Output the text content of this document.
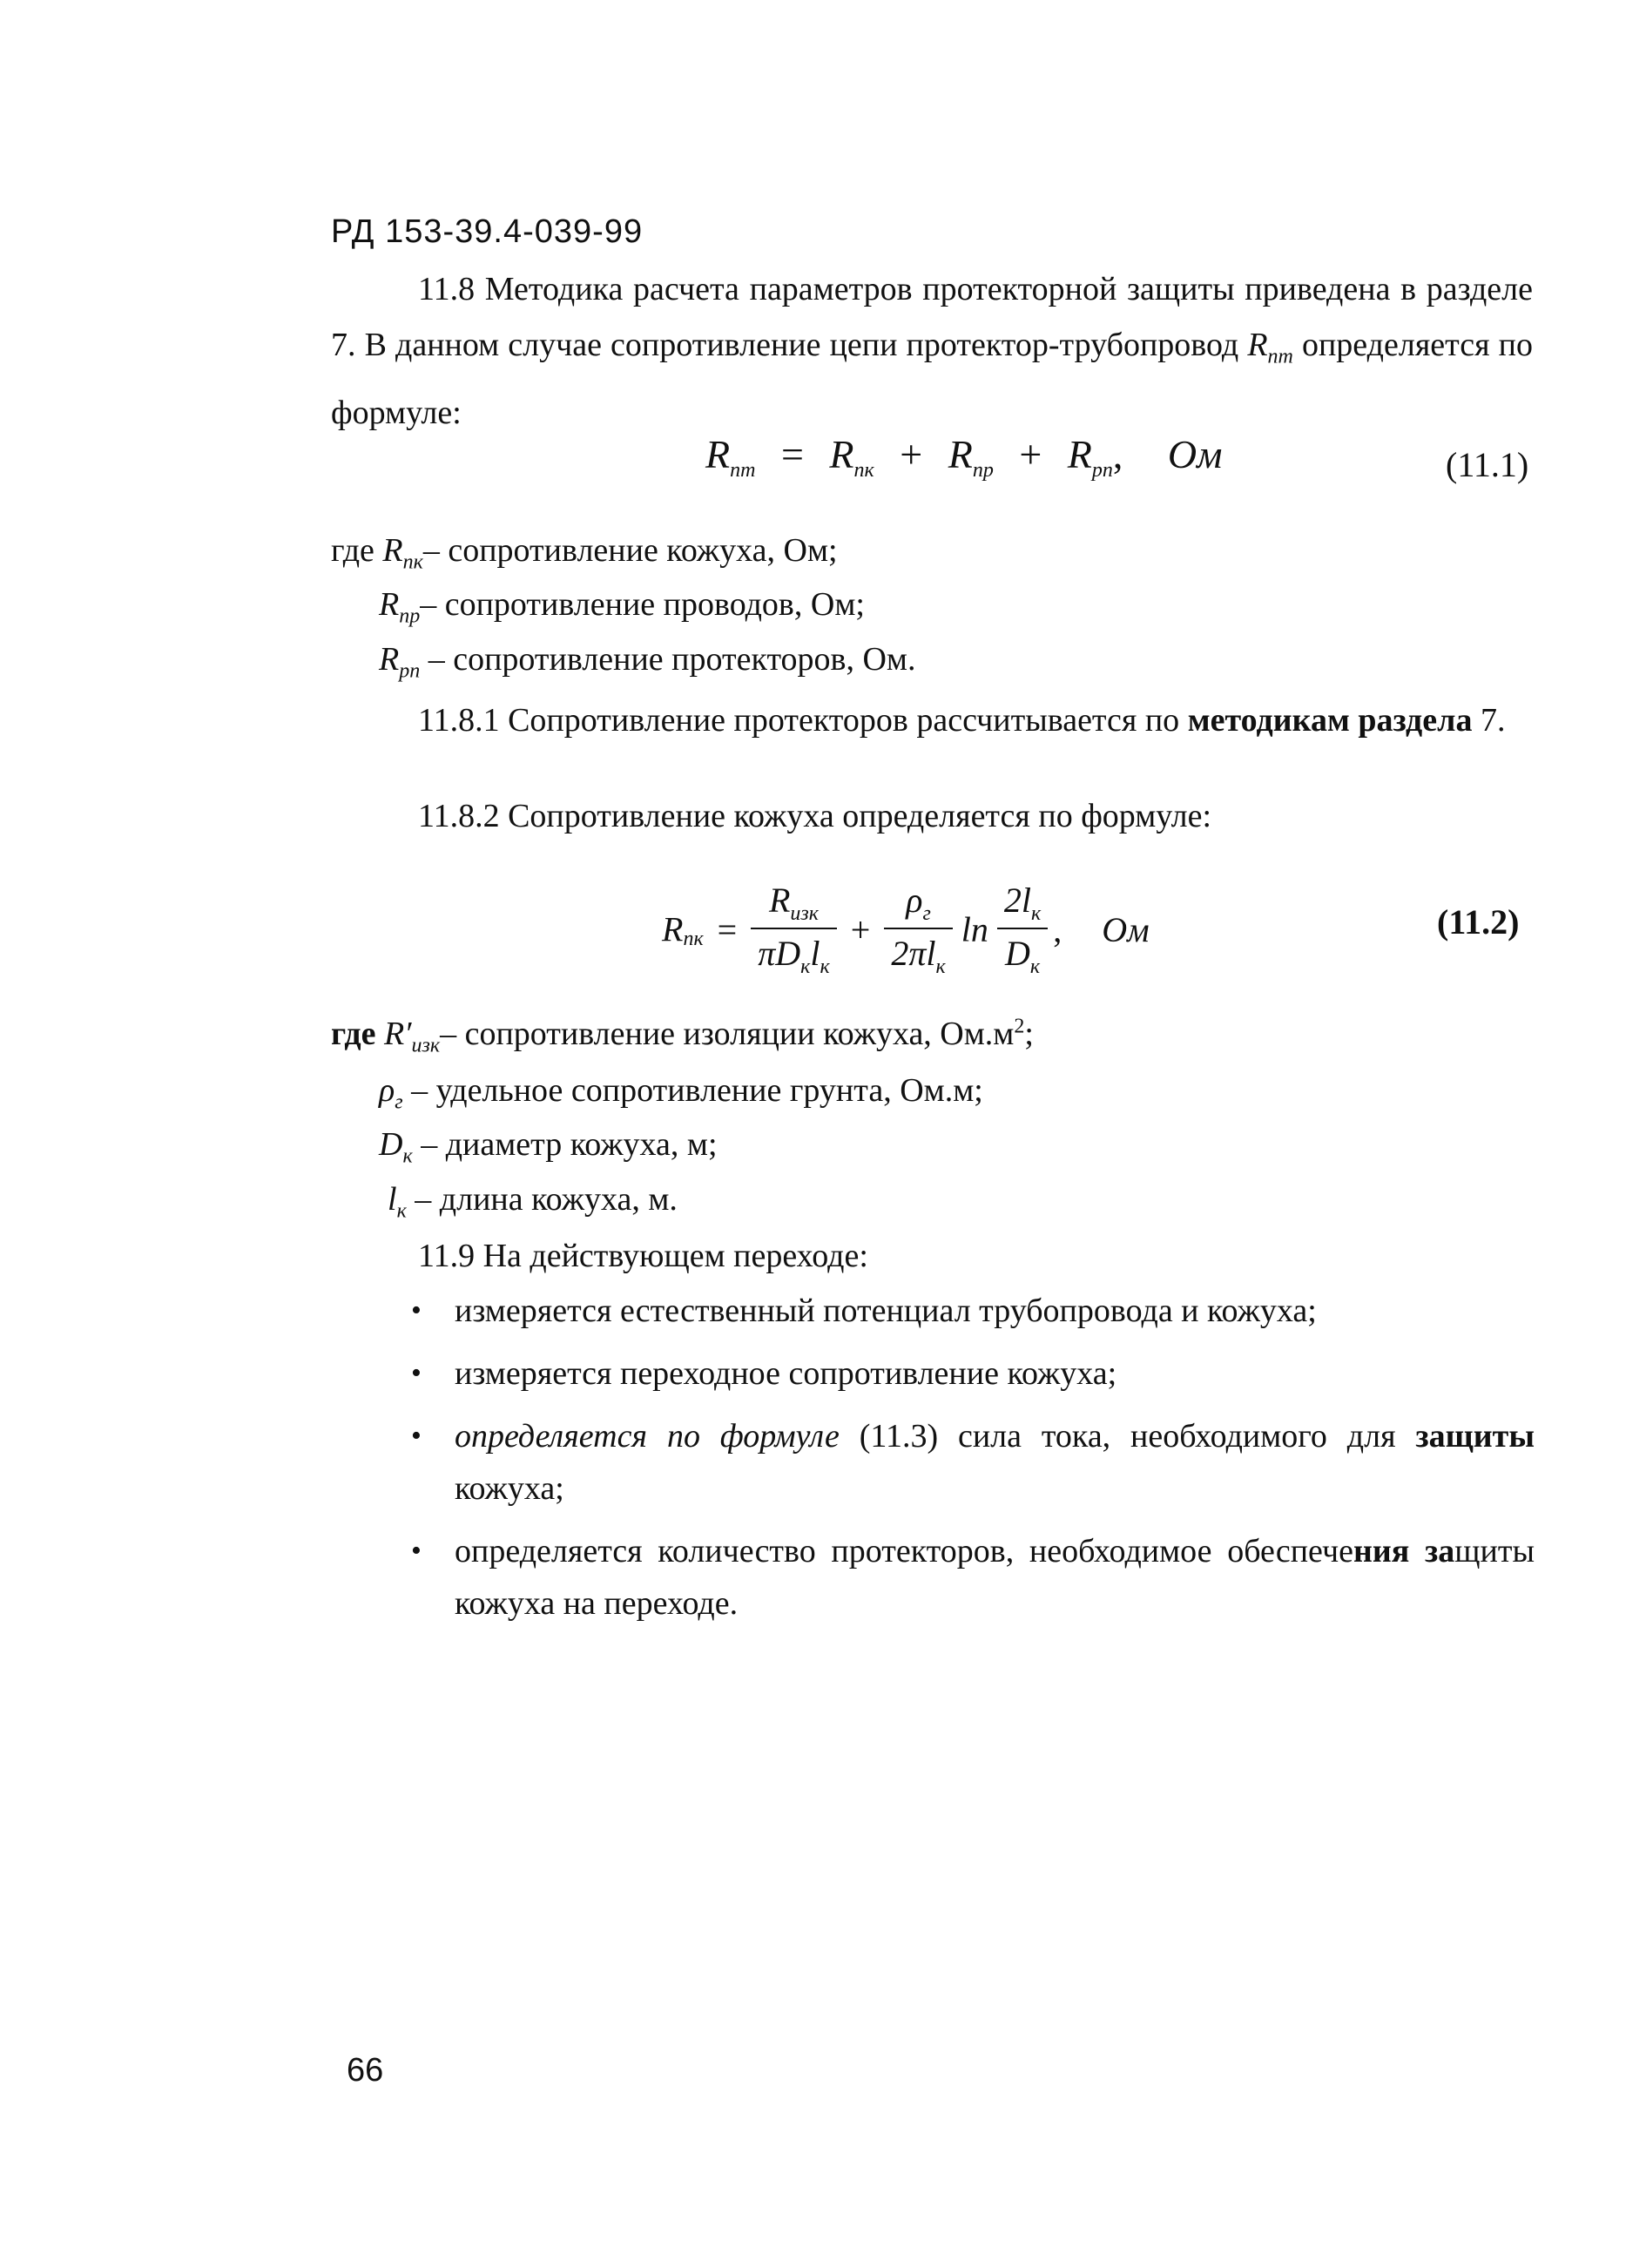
РД 153-39.4-039-99
11.8 Методика расчета параметров протекторной защиты приведена в разделе 7. В данном случае сопротивление цепи протектор-трубопровод $R_{пт}$ определяется по формуле:
$R_{пт} = R_{пк} + R_{пр} + R_{рп}$, Ом	(11.1)
где $R_{пк}-$ сопротивление кожуха, Ом;
$R_{пр}-$ сопротивление проводов, Ом;
$R_{рп}$ – сопротивление протекторов, Ом.
11.8.1 Сопротивление протекторов рассчитывается по методикам раздела 7.
11.8.2 Сопротивление кожуха определяется по формуле:
$R_{пк} = \frac{R_{изк}}{\pi D_кl_к} + \frac{\rho_г}{2\pi l_к}$ $\ln \frac{2l_к}{D_к}$ , Ом	(11.2)
где $R'_{изк}-$ сопротивление изоляции кожуха, $Ом.м^2$;
$\rho_г$ – удельное сопротивление грунта, Ом.м;
$D_к$ – диаметр кожуха, м;
$l_к$ – длина кожуха, м.
11.9 На действующем переходе:
• измеряется естественный потенциал трубопровода и кожуха;
• измеряется переходное сопротивление кожуха;
• определяется по формуле (11.3) сила тока, необходимого для защиты кожуха;
• определяется количество протекторов, необходимое обеспечения защиты кожуха на переходе.
66
